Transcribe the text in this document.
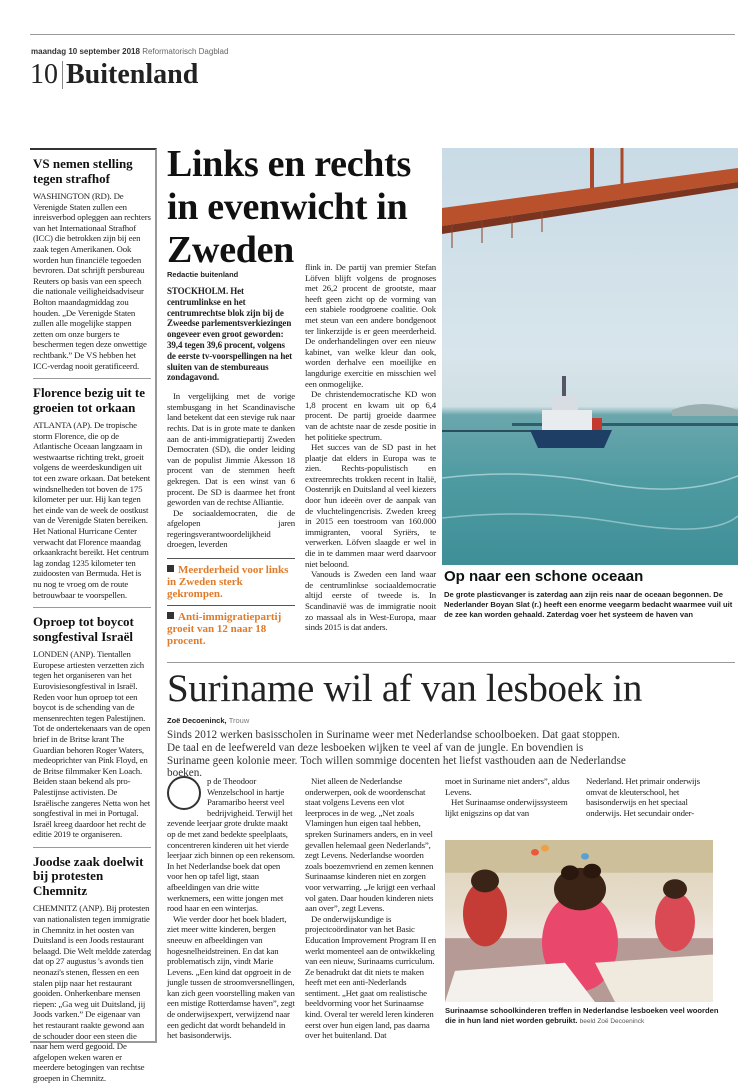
maandag 10 september 2018 Reformatorisch Dagblad
10 Buitenland
VS nemen stelling tegen strafhof
WASHINGTON (RD). De Verenigde Staten zullen een inreisverbod opleggen aan rechters van het Internationaal Strafhof (ICC) die betrokken zijn bij een zaak tegen Amerikanen. Ook worden hun financiële tegoeden bevroren. Dat schrijft persbureau Reuters op basis van een speech die nationale veiligheidsadviseur Bolton maandagmiddag zou houden. „De Verenigde Staten zullen alle mogelijke stappen zetten om onze burgers te beschermen tegen deze onwettige rechtbank.” De VS hebben het ICC-verdag nooit geratificeerd.
Florence bezig uit te groeien tot orkaan
ATLANTA (AP). De tropische storm Florence, die op de Atlantische Oceaan langzaam in westwaartse richting trekt, groeit volgens de weerdeskundigen uit tot een zware orkaan. Dat betekent windsnelheden tot boven de 175 kilometer per uur. Hij kan tegen het einde van de week de oostkust van de Verenigde Staten bereiken. Het National Hurricane Center verwacht dat Florence maandag orkaankracht bereikt. Het centrum lag zondag 1235 kilometer ten zuidoosten van Bermuda. Het is nu nog te vroeg om de route betrouwbaar te voorspellen.
Oproep tot boycot songfestival Israël
LONDEN (ANP). Tientallen Europese artiesten verzetten zich tegen het organiseren van het Eurovisiesongfestival in Israël. Reden voor hun oproep tot een boycot is de schending van de mensenrechten tegen Palestijnen. Tot de ondertekenaars van de open brief in de Britse krant The Guardian behoren Roger Waters, medeoprichter van Pink Floyd, en de Britse filmmaker Ken Loach. Beiden staan bekend als pro-Palestijnse activisten. De Israëlische zangeres Netta won het songfestival in mei in Portugal. Israël kreeg daardoor het recht de editie 2019 te organiseren.
Joodse zaak doelwit bij protesten Chemnitz
CHEMNITZ (ANP). Bij protesten van nationalisten tegen immigratie in Chemnitz in het oosten van Duitsland is een Joods restaurant belaagd. Die Welt meldde zaterdag dat op 27 augustus 's avonds tien neonazi's stenen, flessen en een stalen pijp naar het restaurant gooiden. Onherkenbare mensen riepen: „Ga weg uit Duitsland, jij Joods varken.” De eigenaar van het restaurant raakte gewond aan de schouder door een steen die naar hem werd gegooid. De afgelopen weken waren er meerdere betogingen van rechtse groepen in Chemnitz.
Links en rechts in evenwicht in Zweden
Redactie buitenland
STOCKHOLM. Het centrumlinkse en het centrumrechtse blok zijn bij de Zweedse parlementsverkiezingen ongeveer even groot geworden: 39,4 tegen 39,6 procent, volgens de eerste tv-voorspellingen na het sluiten van de stembureaus zondagavond.

In vergelijking met de vorige stembusgang in het Scandinavische land betekent dat een stevige ruk naar rechts. Dat is in grote mate te danken aan de anti-immigratiepartij Zweden Democraten (SD), die onder leiding van de populist Jimmie Åkesson 18 procent van de stemmen heeft gekregen. Dat is een winst van 6 procent. De SD is daarmee het front geworden van de rechtse Alliantie.

De sociaaldemocraten, die de afgelopen jaren regeringsverantwoordelijkheid droegen, leverden

Meerderheid voor links in Zweden sterk gekrompen.
Anti-immigratiepartij groeit van 12 naar 18 procent.

flink in. De partij van premier Stefan Löfven blijft volgens de prognoses met 26,2 procent de grootste, maar heeft geen zicht op de vorming van een stabiele roodgroene coalitie. Ook met steun van een andere bondgenoot ter linkerzijde is er geen meerderheid. De onderhandelingen over een nieuw kabinet, van welke kleur dan ook, worden derhalve een moeilijke en langdurige exercitie en misschien wel een onmogelijke.

De christendemocratische KD won 1,8 procent en kwam uit op 6,4 procent. De partij groeide daarmee van de achtste naar de zesde positie in het politieke spectrum.

Het succes van de SD past in het plaatje dat elders in Europa was te zien. Rechts-populistisch en extreemrechts trokken recent in Italië, Oostenrijk en Duitsland al veel kiezers door hun ideeën over de aanpak van de vluchtelingencrisis. Zweden kreeg in 2015 een toestroom van 160.000 immigranten, vooral Syriërs, te verwerken. Löfven slaagde er wel in die in te dammen maar werd daarvoor niet beloond.

Vanouds is Zweden een land waar de centrumlinkse sociaaldemocratie altijd eerste of tweede is. In Scandinavië was de immigratie nooit zo massaal als in West-Europa, maar sinds 2015 is dat anders.

Op naar een schone oceaan
De grote plasticvanger is zaterdag aan zijn reis naar de oceaan begonnen. De Nederlander Boyan Slat (r.) heeft een enorme veegarm bedacht waarmee vuil uit de zee kan worden gehaald. Zaterdag voer het systeem de haven van
Suriname wil af van lesboek in
Zoë Decoeninck, Trouw
Sinds 2012 werken basisscholen in Suriname weer met Nederlandse schoolboeken. Dat gaat stoppen. De taal en de leefwereld van deze lesboeken wijken te veel af van de jungle. En bovendien is Suriname geen kolonie meer. Toch willen sommige docenten het liefst vasthouden aan de Nederlandse boeken.

p de Theodoor Wenzelschool in hartje Paramaribo heerst veel bedrijvigheid. Terwijl het zevende leerjaar grote drukte maakt op de met zand bedekte speelplaats, concentreren kinderen uit het vierde leerjaar zich binnen op een rekensom. In het Nederlandse boek dat open voor hen op tafel ligt, staan afbeeldingen van drie witte werknemers, een witte jongen met rood haar en een winterjas.

Wie verder door het boek bladert, ziet meer witte kinderen, bergen sneeuw en afbeeldingen van hogesnelheidstreinen. En dat kan problematisch zijn, vindt Marie Levens. „Een kind dat opgroeit in de jungle tussen de stroomversnellingen, kan zich geen voorstelling maken van een mistige Rotterdamse haven”, zegt de onderwijsexpert, verwijzend naar een gedicht dat wordt behandeld in het basisonderwijs.

Niet alleen de Nederlandse onderwerpen, ook de woordenschat staat volgens Levens een vlot leerproces in de weg. „Net zoals Vlamingen hun eigen taal hebben, spreken Surinamers anders, en in veel gevallen helemaal geen Nederlands”, zegt Levens. Nederlandse woorden zoals boezemvriend en zemen kennen Surinaamse kinderen niet en zorgen voor verwarring. „Je krijgt een verhaal vol gaten. Daar houden kinderen niets aan over”, zegt Levens.

De onderwijskundige is projectcoördinator van het Basic Education Improvement Program II en werkt momenteel aan de ontwikkeling van een nieuw, Surinaams curriculum. Ze benadrukt dat dit niets te maken heeft met een anti-Nederlands sentiment. „Het gaat om realistische beeldvorming voor het Surinaamse kind. Overal ter wereld leren kinderen eerst over hun eigen land, pas daarna over het buitenland. Dat

moet in Suriname niet anders”, aldus Levens.

Het Surinaamse onderwijssysteem lijkt enigszins op dat van

Nederland. Het primair onderwijs omvat de kleuterschool, het basisonderwijs en het speciaal onderwijs. Het secundair onder-

Surinaamse schoolkinderen treffen in Nederlandse lesboeken veel woorden die in hun land niet worden gebruikt. beeld Zoë Decoeninck
